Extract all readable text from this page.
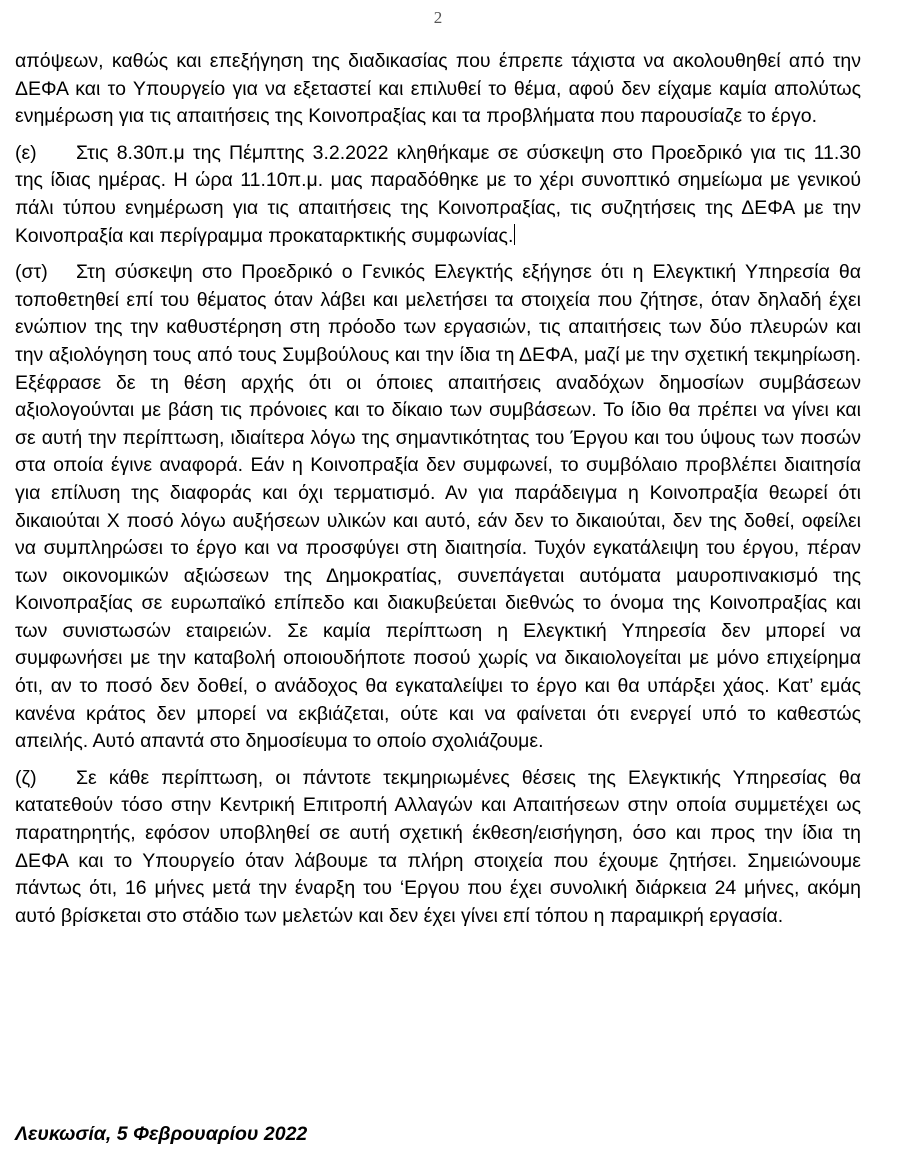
2

απόψεων, καθώς και επεξήγηση της διαδικασίας που έπρεπε τάχιστα να ακολουθηθεί από την ΔΕΦΑ και το Υπουργείο για να εξεταστεί και επιλυθεί το θέμα, αφού δεν είχαμε καμία απολύτως ενημέρωση για τις απαιτήσεις της Κοινοπραξίας και τα προβλήματα που παρουσίαζε το έργο.

(ε) Στις 8.30π.μ της Πέμπτης 3.2.2022 κληθήκαμε σε σύσκεψη στο Προεδρικό για τις 11.30 της ίδιας ημέρας. Η ώρα 11.10π.μ. μας παραδόθηκε με το χέρι συνοπτικό σημείωμα με γενικού πάλι τύπου ενημέρωση για τις απαιτήσεις της Κοινοπραξίας, τις συζητήσεις της ΔΕΦΑ με την Κοινοπραξία και περίγραμμα προκαταρκτικής συμφωνίας.

(στ) Στη σύσκεψη στο Προεδρικό ο Γενικός Ελεγκτής εξήγησε ότι η Ελεγκτική Υπηρεσία θα τοποθετηθεί επί του θέματος όταν λάβει και μελετήσει τα στοιχεία που ζήτησε, όταν δηλαδή έχει ενώπιον της την καθυστέρηση στη πρόοδο των εργασιών, τις απαιτήσεις των δύο πλευρών και την αξιολόγηση τους από τους Συμβούλους και την ίδια τη ΔΕΦΑ, μαζί με την σχετική τεκμηρίωση. Εξέφρασε δε τη θέση αρχής ότι οι όποιες απαιτήσεις αναδόχων δημοσίων συμβάσεων αξιολογούνται με βάση τις πρόνοιες και το δίκαιο των συμβάσεων. Το ίδιο θα πρέπει να γίνει και σε αυτή την περίπτωση, ιδιαίτερα λόγω της σημαντικότητας του Έργου και του ύψους των ποσών στα οποία έγινε αναφορά. Εάν η Κοινοπραξία δεν συμφωνεί, το συμβόλαιο προβλέπει διαιτησία για επίλυση της διαφοράς και όχι τερματισμό. Αν για παράδειγμα η Κοινοπραξία θεωρεί ότι δικαιούται Χ ποσό λόγω αυξήσεων υλικών και αυτό, εάν δεν το δικαιούται, δεν της δοθεί, οφείλει να συμπληρώσει το έργο και να προσφύγει στη διαιτησία. Τυχόν εγκατάλειψη του έργου, πέραν των οικονομικών αξιώσεων της Δημοκρατίας, συνεπάγεται αυτόματα μαυροπινακισμό της Κοινοπραξίας σε ευρωπαϊκό επίπεδο και διακυβεύεται διεθνώς το όνομα της Κοινοπραξίας και των συνιστωσών εταιρειών. Σε καμία περίπτωση η Ελεγκτική Υπηρεσία δεν μπορεί να συμφωνήσει με την καταβολή οποιουδήποτε ποσού χωρίς να δικαιολογείται με μόνο επιχείρημα ότι, αν το ποσό δεν δοθεί, ο ανάδοχος θα εγκαταλείψει το έργο και θα υπάρξει χάος. Κατ’ εμάς κανένα κράτος δεν μπορεί να εκβιάζεται, ούτε και να φαίνεται ότι ενεργεί υπό το καθεστώς απειλής. Αυτό απαντά στο δημοσίευμα το οποίο σχολιάζουμε.

(ζ) Σε κάθε περίπτωση, οι πάντοτε τεκμηριωμένες θέσεις της Ελεγκτικής Υπηρεσίας θα κατατεθούν τόσο στην Κεντρική Επιτροπή Αλλαγών και Απαιτήσεων στην οποία συμμετέχει ως παρατηρητής, εφόσον υποβληθεί σε αυτή σχετική έκθεση/εισήγηση, όσο και προς την ίδια τη ΔΕΦΑ και το Υπουργείο όταν λάβουμε τα πλήρη στοιχεία που έχουμε ζητήσει. Σημειώνουμε πάντως ότι, 16 μήνες μετά την έναρξη του ‘Εργου που έχει συνολική διάρκεια 24 μήνες, ακόμη αυτό βρίσκεται στο στάδιο των μελετών και δεν έχει γίνει επί τόπου η παραμικρή εργασία.

Λευκωσία, 5 Φεβρουαρίου 2022
